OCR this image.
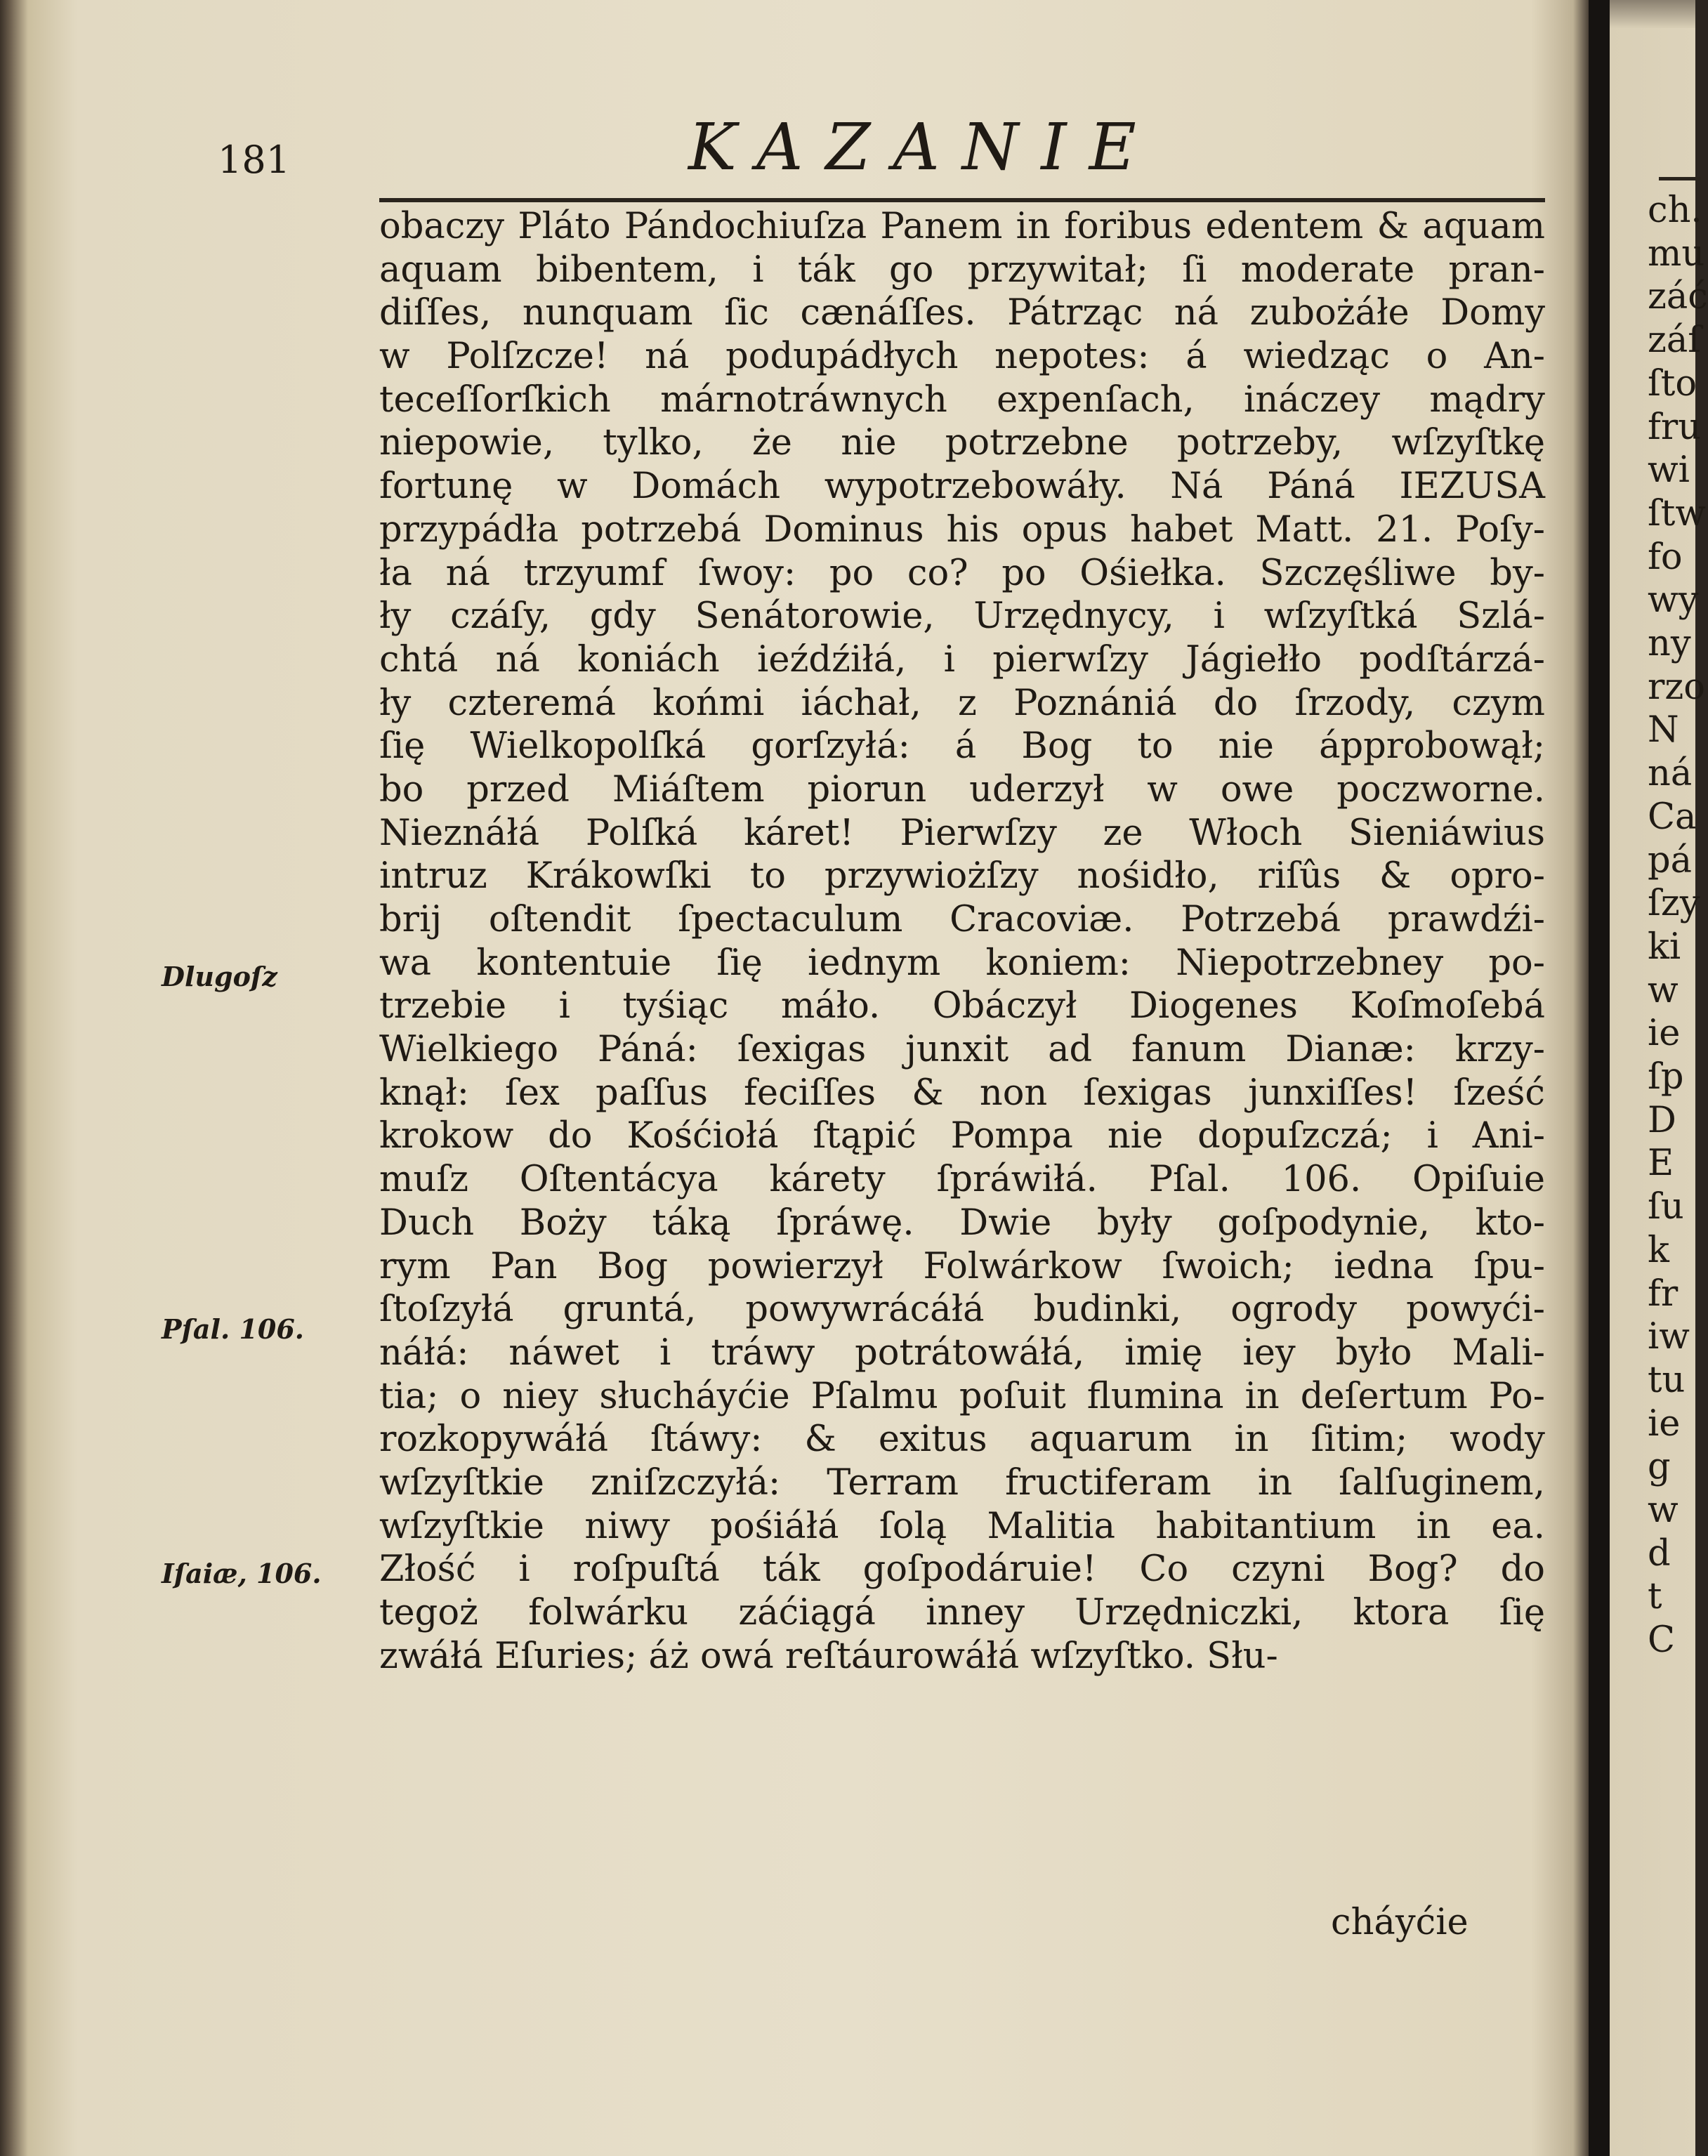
181	KAZANIE
obaczy Pláto Pándochiuſza Panem in foribus edentem & aquam
aquam bibentem, i ták go przywitał; ſi moderate pran-
diſſes, nunquam ſic cænáſſes. Pátrząc ná zubożáłe Domy
w Polſzcze! ná podupádłych nepotes: á wiedząc o An-
teceſſorſkich márnotráwnych expenſach, ináczey mądry
niepowie, tylko, że nie potrzebne potrzeby, wſzyſtkę
fortunę w Domách wypotrzebowáły. Ná Páná IEZUSA
przypádła potrzebá Dominus his opus habet Matt. 21. Poſy-
ła ná trzyumf ſwoy: po co? po Ośiełka. Szczęśliwe by-
ły czáſy, gdy Senátorowie, Urzędnycy, i wſzyſtká Szlá-
chtá ná koniách ieźdźiłá, i pierwſzy Jágiełło podſtárzá-
ły czteremá końmi iáchał, z Poznániá do ſrzody, czym
ſię Wielkopolſká gorſzyłá: á Bog to nie ápprobowął;
bo przed Miáſtem piorun uderzył w owe poczworne.
Nieznáłá Polſká káret! Pierwſzy ze Włoch Sieniáwius
intruz Krákowſki to przywiożſzy nośidło, riſûs & opro-
brij oſtendit ſpectaculum Cracoviæ. Potrzebá prawdźi-
wa kontentuie ſię iednym koniem: Niepotrzebney po-
trzebie i tyśiąc máło. Obáczył Diogenes Koſmoſebá
Wielkiego Páná: ſexigas junxit ad fanum Dianæ: krzy-
knął: ſex paſſus feciſſes & non ſexigas junxiſſes! ſześć
krokow do Kośćiołá ſtąpić Pompa nie dopuſzczá; i Ani-
muſz Oſtentácya kárety ſpráwiłá. Pſal. 106. Opiſuie
Duch Boży táką ſpráwę. Dwie były goſpodynie, kto-
rym Pan Bog powierzył Folwárkow ſwoich; iedna ſpu-
ſtoſzyłá gruntá, powywrácáłá budinki, ogrody powyći-
náłá: náwet i tráwy potrátowáłá, imię iey było Mali-
tia; o niey słucháyćie Pſalmu poſuit flumina in deſertum Po-
rozkopywáłá ſtáwy: & exitus aquarum in ſitim; wody
wſzyſtkie zniſzczyłá: Terram fructiferam in ſalſuginem,
wſzyſtkie niwy pośiáłá ſolą Malitia habitantium in ea.
Złość i roſpuſtá ták goſpodáruie! Co czyni Bog? do
tegoż folwárku záćiągá inney Urzędniczki, ktora ſię
zwáłá Eſuries; áż owá reſtáurowáłá wſzyſtko. Słu-
cháyćie
Dlugoſz
Pſal. 106.
Iſaiæ, 106.
ch.
mu
záć
záſ
ſto
fru
wi
ſtw
fo
wy
ny
rzo
N
ná
Ca
pá
ſzy
ki
w
ie
ſp
D
E
ſu
k
fr
iw
tu
ie
g
w
d
t
C
